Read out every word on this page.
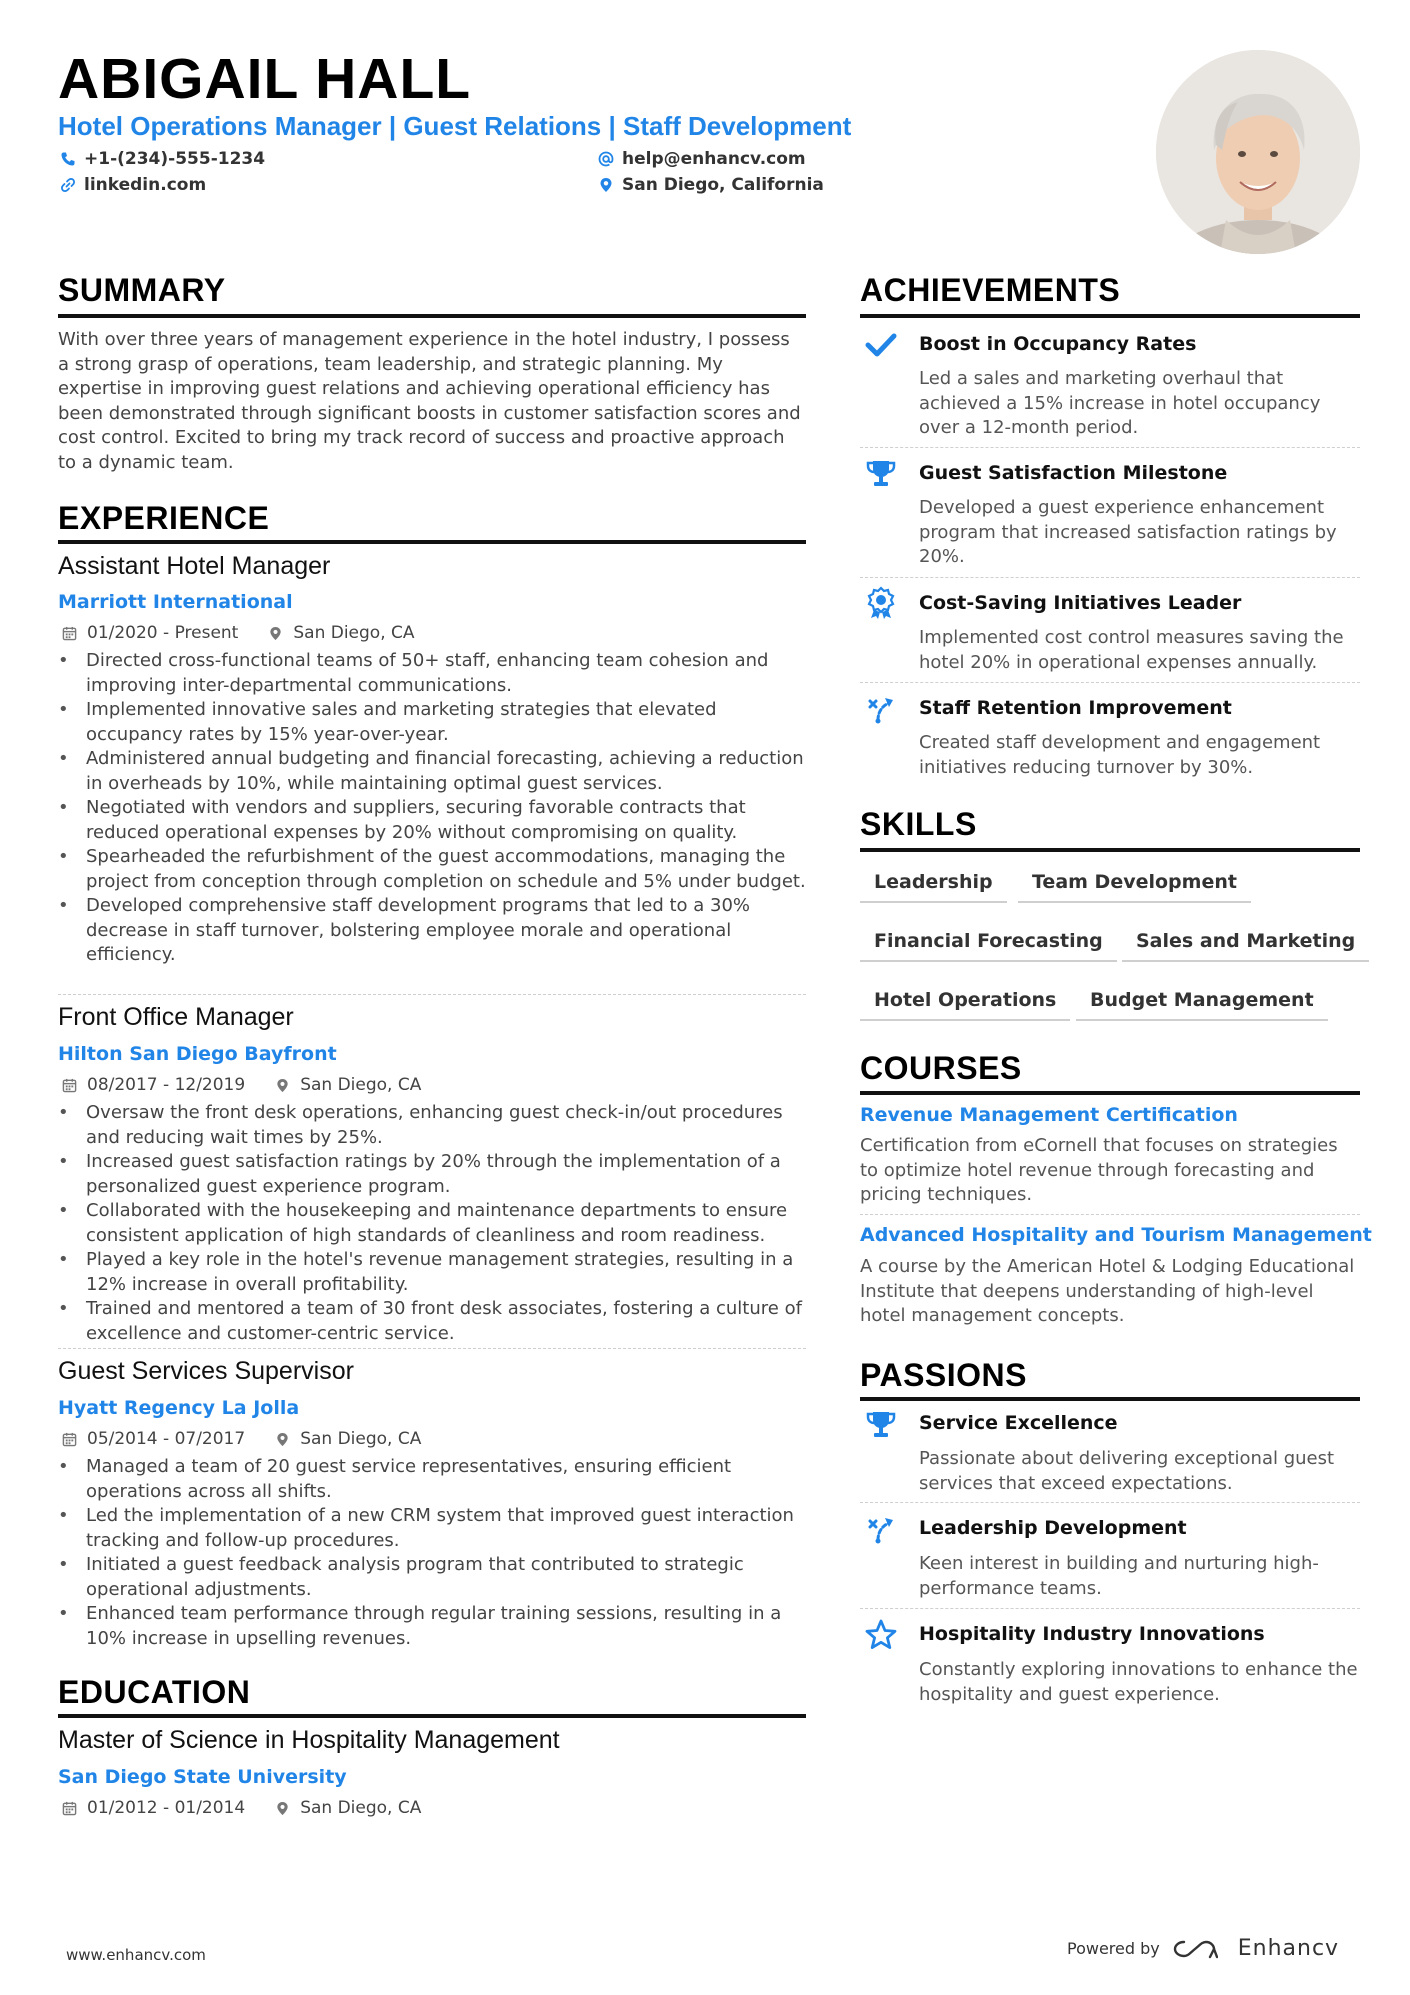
ABIGAIL HALL
Hotel Operations Manager | Guest Relations | Staff Development
+1-(234)-555-1234	help@enhancv.com
linkedin.com	San Diego, California
SUMMARY
With over three years of management experience in the hotel industry, I possess a strong grasp of operations, team leadership, and strategic planning. My expertise in improving guest relations and achieving operational efficiency has been demonstrated through significant boosts in customer satisfaction scores and cost control. Excited to bring my track record of success and proactive approach to a dynamic team.
EXPERIENCE
Assistant Hotel Manager
Marriott International
01/2020 - Present	San Diego, CA
• Directed cross-functional teams of 50+ staff, enhancing team cohesion and improving inter-departmental communications.
• Implemented innovative sales and marketing strategies that elevated occupancy rates by 15% year-over-year.
• Administered annual budgeting and financial forecasting, achieving a reduction in overheads by 10%, while maintaining optimal guest services.
• Negotiated with vendors and suppliers, securing favorable contracts that reduced operational expenses by 20% without compromising on quality.
• Spearheaded the refurbishment of the guest accommodations, managing the project from conception through completion on schedule and 5% under budget.
• Developed comprehensive staff development programs that led to a 30% decrease in staff turnover, bolstering employee morale and operational efficiency.
Front Office Manager
Hilton San Diego Bayfront
08/2017 - 12/2019	San Diego, CA
• Oversaw the front desk operations, enhancing guest check-in/out procedures and reducing wait times by 25%.
• Increased guest satisfaction ratings by 20% through the implementation of a personalized guest experience program.
• Collaborated with the housekeeping and maintenance departments to ensure consistent application of high standards of cleanliness and room readiness.
• Played a key role in the hotel's revenue management strategies, resulting in a 12% increase in overall profitability.
• Trained and mentored a team of 30 front desk associates, fostering a culture of excellence and customer-centric service.
Guest Services Supervisor
Hyatt Regency La Jolla
05/2014 - 07/2017	San Diego, CA
• Managed a team of 20 guest service representatives, ensuring efficient operations across all shifts.
• Led the implementation of a new CRM system that improved guest interaction tracking and follow-up procedures.
• Initiated a guest feedback analysis program that contributed to strategic operational adjustments.
• Enhanced team performance through regular training sessions, resulting in a 10% increase in upselling revenues.
EDUCATION
Master of Science in Hospitality Management
San Diego State University
01/2012 - 01/2014	San Diego, CA
ACHIEVEMENTS
Boost in Occupancy Rates
Led a sales and marketing overhaul that achieved a 15% increase in hotel occupancy over a 12-month period.
Guest Satisfaction Milestone
Developed a guest experience enhancement program that increased satisfaction ratings by 20%.
Cost-Saving Initiatives Leader
Implemented cost control measures saving the hotel 20% in operational expenses annually.
Staff Retention Improvement
Created staff development and engagement initiatives reducing turnover by 30%.
SKILLS
Leadership	Team Development
Financial Forecasting	Sales and Marketing
Hotel Operations	Budget Management
COURSES
Revenue Management Certification
Certification from eCornell that focuses on strategies to optimize hotel revenue through forecasting and pricing techniques.
Advanced Hospitality and Tourism Management
A course by the American Hotel & Lodging Educational Institute that deepens understanding of high-level hotel management concepts.
PASSIONS
Service Excellence
Passionate about delivering exceptional guest services that exceed expectations.
Leadership Development
Keen interest in building and nurturing high-performance teams.
Hospitality Industry Innovations
Constantly exploring innovations to enhance the hospitality and guest experience.
www.enhancv.com	Powered by	Enhancv
